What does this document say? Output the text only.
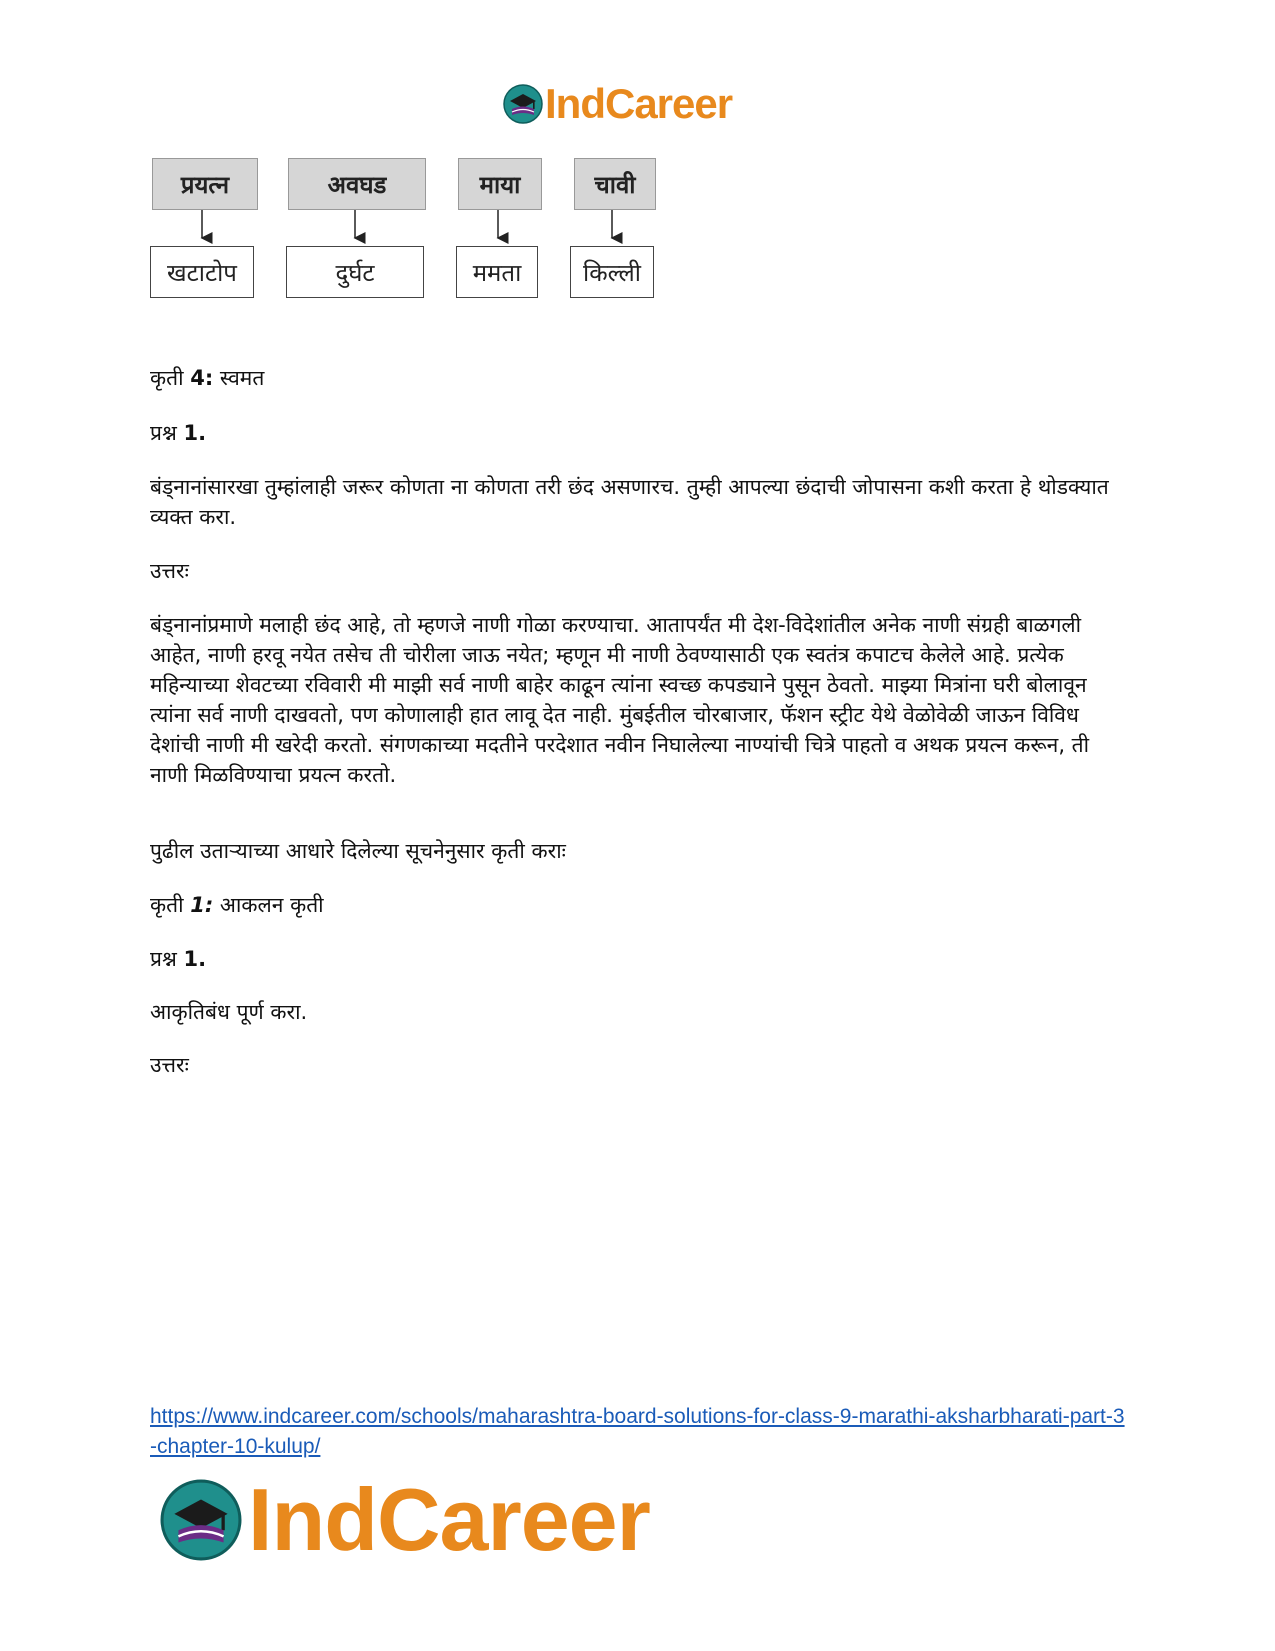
Ind Career
प्रयत्न	अवघड	माया	चावी
खटाटोप	दुर्घट	ममता	किल्ली
कृती 4: स्वमत
प्रश्न 1.
बंड्नानांसारखा तुम्हांलाही जरूर कोणता ना कोणता तरी छंद असणारच. तुम्ही आपल्या छंदाची जोपासना कशी करता हे थोडक्यात व्यक्त करा.
उत्तरः
बंड्नानांप्रमाणे मलाही छंद आहे, तो म्हणजे नाणी गोळा करण्याचा. आतापर्यंत मी देश-विदेशांतील अनेक नाणी संग्रही बाळगली आहेत, नाणी हरवू नयेत तसेच ती चोरीला जाऊ नयेत; म्हणून मी नाणी ठेवण्यासाठी एक स्वतंत्र कपाटच केलेले आहे. प्रत्येक महिन्याच्या शेवटच्या रविवारी मी माझी सर्व नाणी बाहेर काढून त्यांना स्वच्छ कपड्याने पुसून ठेवतो. माझ्या मित्रांना घरी बोलावून त्यांना सर्व नाणी दाखवतो, पण कोणालाही हात लावू देत नाही. मुंबईतील चोरबाजार, फॅशन स्ट्रीट येथे वेळोवेळी जाऊन विविध देशांची नाणी मी खरेदी करतो. संगणकाच्या मदतीने परदेशात नवीन निघालेल्या नाण्यांची चित्रे पाहतो व अथक प्रयत्न करून, ती नाणी मिळविण्याचा प्रयत्न करतो.
पुढील उताऱ्याच्या आधारे दिलेल्या सूचनेनुसार कृती कराः
कृती 1: आकलन कृती
प्रश्न 1.
आकृतिबंध पूर्ण करा.
उत्तरः
https://www.indcareer.com/schools/maharashtra-board-solutions-for-class-9-marathi-aksharbharati-part-3-chapter-10-kulup/
Ind Career
